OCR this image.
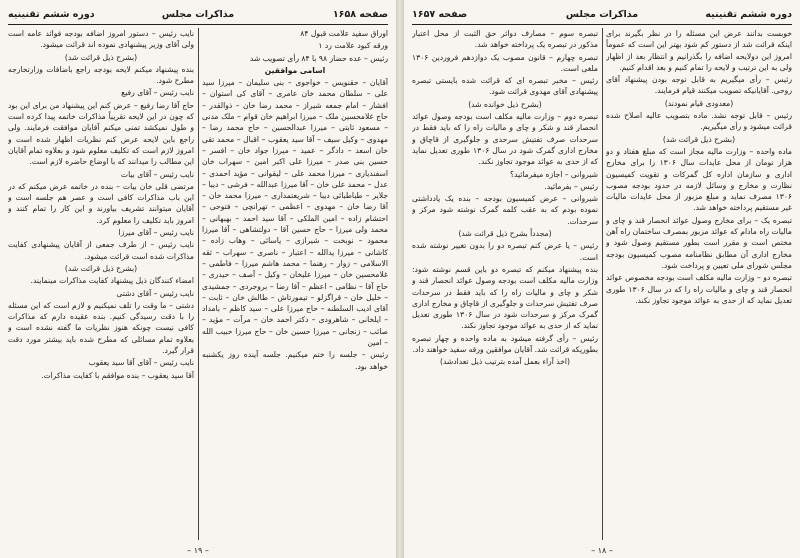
صفحه ۱۶۵۸
مذاکرات مجلس
دوره ششم تقنینیه

اوراق سفید علامت قبول ۸۴

ورقه کبود علامت رد ۱

رئیس – عده حضار ۹۸ با ۸۴ رأی تصویب شد

اسامی موافقین

آقایان – حقنویس – خواجوی – بنی سلیمان – میرزا سید علی – سلطان محمد خان عامری – آقای کی استوان – افشار – امام جمعه شیراز – محمد رضا خان – ذوالقدر – حاج غلامحسین ملک – میرزا ابراهیم خان قوام – ملک مدنی – مسعود ثابتی – میرزا عبدالحسین – حاج محمد رضا – مهدوی – وکیل سیف – آقا سید یعقوب – اقبال – محمد تقی خان اسعد – دادگر – عمید – میرزا جواد خان – افسر – حسین بنی صدر – میرزا علی اکبر امین – سهراب خان اسفندیاری – میرزا محمد علی – لیقوانی – مؤید احمدی – عدل – محمد علی خان – آقا میرزا عبدالله – فرشی – دیبا – جلایر – طباطبائی دیبا – شریعتمداری – میرزا محمد خان – آقا رضا خان – مهدوی – اعظمی – تهرانچی – فتوحی – احتشام زاده – امین الملکی – آقا سید احمد – بهبهانی – محمد ولی میرزا – حاج حسین آقا – دولتشاهی – آقا میرزا محمود – نوبخت – شیرازی – یاسائی – وهاب زاده – کاشانی – میرزا یدالله – اعتبار – ناصری – سهراب – ثقه الاسلامی – زوار – رهنما – محمد هاشم میرزا – فاطمی – غلامحسین خان – میرزا علیخان – وکیل – آصف – حیدری – حاج آقا – نظامی – اعظم – آقا رضا – بروجردی – جمشیدی – خلیل خان – قراگزلو – تیمورتاش – طالش خان – ثابت – آقای ادیب السلطنه – حاج میرزا علی – سید کاظم – بامداد – ایلخانی – شاهرودی – دکتر احمد خان – مرآت – مؤید – صائب – زنجانی – میرزا حسین خان – حاج میرزا حبیب الله – امین

رئیس – جلسه را ختم میکنیم. جلسه آینده روز یکشنبه خواهد بود.

نایب رئیس – دستور امروز اضافه بودجه فوائد عامه است ولی آقای وزیر پیشنهادی نموده اند قرائت میشود.

(بشرح ذیل قرائت شد)

بنده پیشنهاد میکنم لایحه بودجه راجع باضافات وزارتخارجه مطرح شود.

نایب رئیس – آقای رفیع

حاج آقا رضا رفیع – عرض کنم این پیشنهاد من برای این بود که چون در این لایحه تقریباً مذاکرات خاتمه پیدا کرده است و طول نمیکشد تمنی میکنم آقایان موافقت فرمایند. ولی راجع باین لایحه عرض کنم نظریات اظهار شده است و امروز لازم است که تکلیف معلوم شود و بعلاوه تمام آقایان این مطالب را میدانند که با اوضاع حاضره لازم است.

نایب رئیس – آقای بیات

مرتضی قلی خان بیات – بنده در خاتمه عرض میکنم که در این باب مذاکرات کافی است و عصر هم جلسه است و آقایان میتوانند تشریف بیاورند و این کار را تمام کنند و امروز باید تکلیف را معلوم کرد.

نایب رئیس – آقای میرزا

نایب رئیس – از طرف جمعی از آقایان پیشنهادی کفایت مذاکرات شده است قرائت میشود.

(بشرح ذیل قرائت شد)

امضاء کنندگان ذیل پیشنهاد کفایت مذاکرات مینمایند.

نایب رئیس – آقای دشتی

دشتی – ما وقت را تلف نمیکنیم و لازم است که این مسئله را با دقت رسیدگی کنیم. بنده عقیده دارم که مذاکرات کافی نیست چونکه هنوز نظریات ما گفته نشده است و بعلاوه تمام مسائلی که مطرح شده باید بیشتر مورد دقت قرار گیرد.

نایب رئیس – آقای آقا سید یعقوب

آقا سید یعقوب – بنده موافقم با کفایت مذاکرات.

– ۱۹ –
دوره ششم تقنینیه
مذاکرات مجلس
صفحه ۱۶۵۷

خوبست بدانند عرض این مسئله را در نظر بگیرند برای اینکه قرائت شد از دستور کم شود بهتر این است که عموماً امروز این دولایحه اضافه را بگذرانیم و انتظار بعد از اظهار ولی به این ترتیب و لایحه را تمام کنیم و بعد اقدام کنیم.

رئیس – رأی میگیریم به قابل توجه بودن پیشنهاد آقای روحی. آقایانیکه تصویب میکنند قیام فرمایند.

(معدودی قیام نمودند)

رئیس – قابل توجه نشد. ماده بتصویب عالیه اصلاح شده قرائت میشود و رأی میگیریم.

(بشرح ذیل قرائت شد)

ماده واحده – وزارت مالیه مجاز است که مبلغ هفتاد و دو هزار تومان از محل عایدات سال ۱۳۰۶ را برای مخارج اداری و سازمان اداره کل گمرکات و تقویت کمیسیون نظارت و مخارج و وسائل لازمه در حدود بودجه مصوب ۱۳۰۶ مصرف نماید و مبلغ مزبور از محل عایدات مالیات غیر مستقیم پرداخته خواهد شد.

تبصره یک – برای مخارج وصول عوائد انحصار قند و چای و مالیات راه مادام که عوائد مزبور بمصرف ساختمان راه آهن مختص است و مقرر است بطور مستقیم وصول شود و مخارج اداری آن مطابق نظامنامه مصوب کمیسیون بودجه مجلس شورای ملی تعیین و پرداخت شود.

تبصره دو – وزارت مالیه مکلف است بودجه مخصوص عوائد انحصار قند و چای و مالیات راه را که در سال ۱۳۰۶ طوری تعدیل نماید که از حدی به عوائد موجود تجاوز نکند.

تبصره سوم – مصارف دوائر حق الثبت از محل اعتبار مذکور در تبصره یک پرداخته خواهد شد.

تبصره چهارم – قانون مصوب یک دوازدهم فروردین ۱۳۰۶ ملغی است.

رئیس – مخبر تبصره ای که قرائت شده بایستی تبصره پیشنهادی آقای مهدوی قرائت شود.

(بشرح ذیل خوانده شد)

تبصره دوم – وزارت مالیه مکلف است بودجه وصول عوائد انحصار قند و شکر و چای و مالیات راه را که باید فقط در سرحدات صرف تفتیش سرحدی و جلوگیری از قاچاق و مخارج اداری گمرک شود در سال ۱۳۰۶ طوری تعدیل نماید که از حدی به عوائد موجود تجاوز نکند.

شیروانی – اجازه میفرمائید؟

رئیس – بفرمائید.

شیروانی – عرض کمیسیون بودجه – بنده یک یادداشتی نموده بودم که به عقب کلمه گمرک نوشته شود مرکز و سرحدات.

(مجدداً بشرح ذیل قرائت شد)

رئیس – یا عرض کنم تبصره دو را بدون تغییر نوشته شده است.

بنده پیشنهاد میکنم که تبصره دو باین قسم نوشته شود: وزارت مالیه مکلف است بودجه وصول عوائد انحصار قند و شکر و چای و مالیات راه را که باید فقط در سرحدات صرف تفتیش سرحدات و جلوگیری از قاچاق و مخارج اداری گمرک مرکز و سرحدات شود در سال ۱۳۰۶ طوری تعدیل نماید که از حدی به عوائد موجود تجاوز نکند.

رئیس – رأی گرفته میشود به ماده واحده و چهار تبصره بطوریکه قرائت شد. آقایان موافقین ورقه سفید خواهند داد.

(اخذ آراء بعمل آمده بترتیب ذیل تعدادشد)

– ۱۸ –
